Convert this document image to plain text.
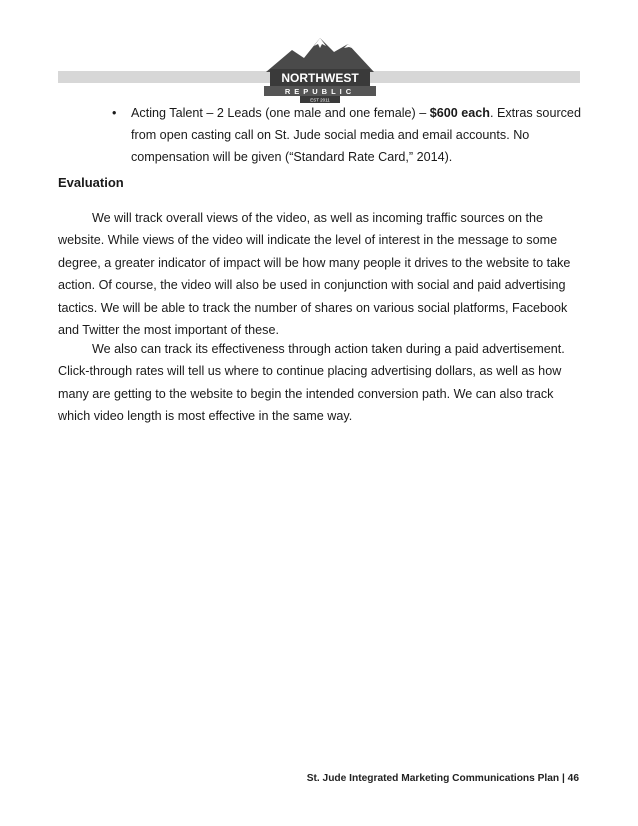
NORTHWEST
REPUBLIC
EST 2011
• Acting Talent – 2 Leads (one male and one female) – $600 each. Extras sourced from open casting call on St. Jude social media and email accounts. No compensation will be given (“Standard Rate Card,” 2014).
Evaluation

We will track overall views of the video, as well as incoming traffic sources on the website. While views of the video will indicate the level of interest in the message to some degree, a greater indicator of impact will be how many people it drives to the website to take action. Of course, the video will also be used in conjunction with social and paid advertising tactics. We will be able to track the number of shares on various social platforms, Facebook and Twitter the most important of these.

We also can track its effectiveness through action taken during a paid advertisement. Click-through rates will tell us where to continue placing advertising dollars, as well as how many are getting to the website to begin the intended conversion path. We can also track which video length is most effective in the same way.

St. Jude Integrated Marketing Communications Plan | 46
